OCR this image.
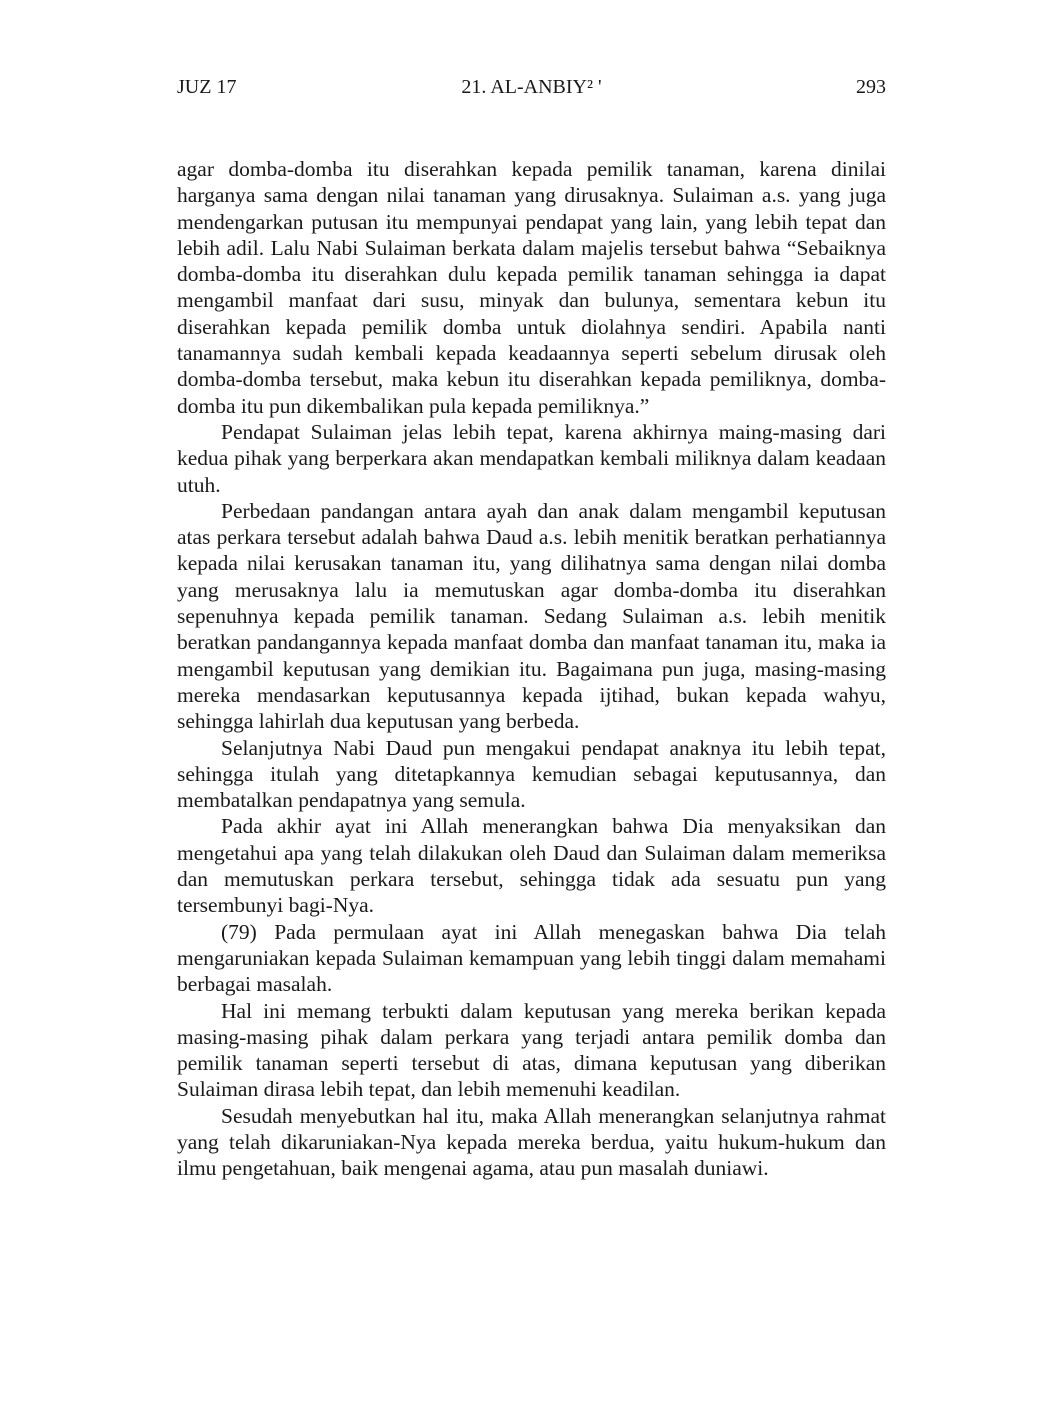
JUZ 17	21. AL-ANBIY² '	293

agar domba-domba itu diserahkan kepada pemilik tanaman, karena dinilai harganya sama dengan nilai tanaman yang dirusaknya. Sulaiman a.s. yang juga mendengarkan putusan itu mempunyai pendapat yang lain, yang lebih tepat dan lebih adil. Lalu Nabi Sulaiman berkata dalam majelis tersebut bahwa “Sebaiknya domba-domba itu diserahkan dulu kepada pemilik tanaman sehingga ia dapat mengambil manfaat dari susu, minyak dan bulunya, sementara kebun itu diserahkan kepada pemilik domba untuk diolahnya sendiri. Apabila nanti tanamannya sudah kembali kepada keadaannya seperti sebelum dirusak oleh domba-domba tersebut, maka kebun itu diserahkan kepada pemiliknya, domba-domba itu pun dikembalikan pula kepada pemiliknya.”

Pendapat Sulaiman jelas lebih tepat, karena akhirnya maing-masing dari kedua pihak yang berperkara akan mendapatkan kembali miliknya dalam keadaan utuh.

Perbedaan pandangan antara ayah dan anak dalam mengambil keputusan atas perkara tersebut adalah bahwa Daud a.s. lebih menitik beratkan perhatiannya kepada nilai kerusakan tanaman itu, yang dilihatnya sama dengan nilai domba yang merusaknya lalu ia memutuskan agar domba-domba itu diserahkan sepenuhnya kepada pemilik tanaman. Sedang Sulaiman a.s. lebih menitik beratkan pandangannya kepada manfaat domba dan manfaat tanaman itu, maka ia mengambil keputusan yang demikian itu. Bagaimana pun juga, masing-masing mereka mendasarkan keputusannya kepada ijtihad, bukan kepada wahyu, sehingga lahirlah dua keputusan yang berbeda.

Selanjutnya Nabi Daud pun mengakui pendapat anaknya itu lebih tepat, sehingga itulah yang ditetapkannya kemudian sebagai keputusannya, dan membatalkan pendapatnya yang semula.

Pada akhir ayat ini Allah menerangkan bahwa Dia menyaksikan dan mengetahui apa yang telah dilakukan oleh Daud dan Sulaiman dalam memeriksa dan memutuskan perkara tersebut, sehingga tidak ada sesuatu pun yang tersembunyi bagi-Nya.

(79) Pada permulaan ayat ini Allah menegaskan bahwa Dia telah mengaruniakan kepada Sulaiman kemampuan yang lebih tinggi dalam memahami berbagai masalah.

Hal ini memang terbukti dalam keputusan yang mereka berikan kepada masing-masing pihak dalam perkara yang terjadi antara pemilik domba dan pemilik tanaman seperti tersebut di atas, dimana keputusan yang diberikan Sulaiman dirasa lebih tepat, dan lebih memenuhi keadilan.

Sesudah menyebutkan hal itu, maka Allah menerangkan selanjutnya rahmat yang telah dikaruniakan-Nya kepada mereka berdua, yaitu hukum-hukum dan ilmu pengetahuan, baik mengenai agama, atau pun masalah duniawi.
